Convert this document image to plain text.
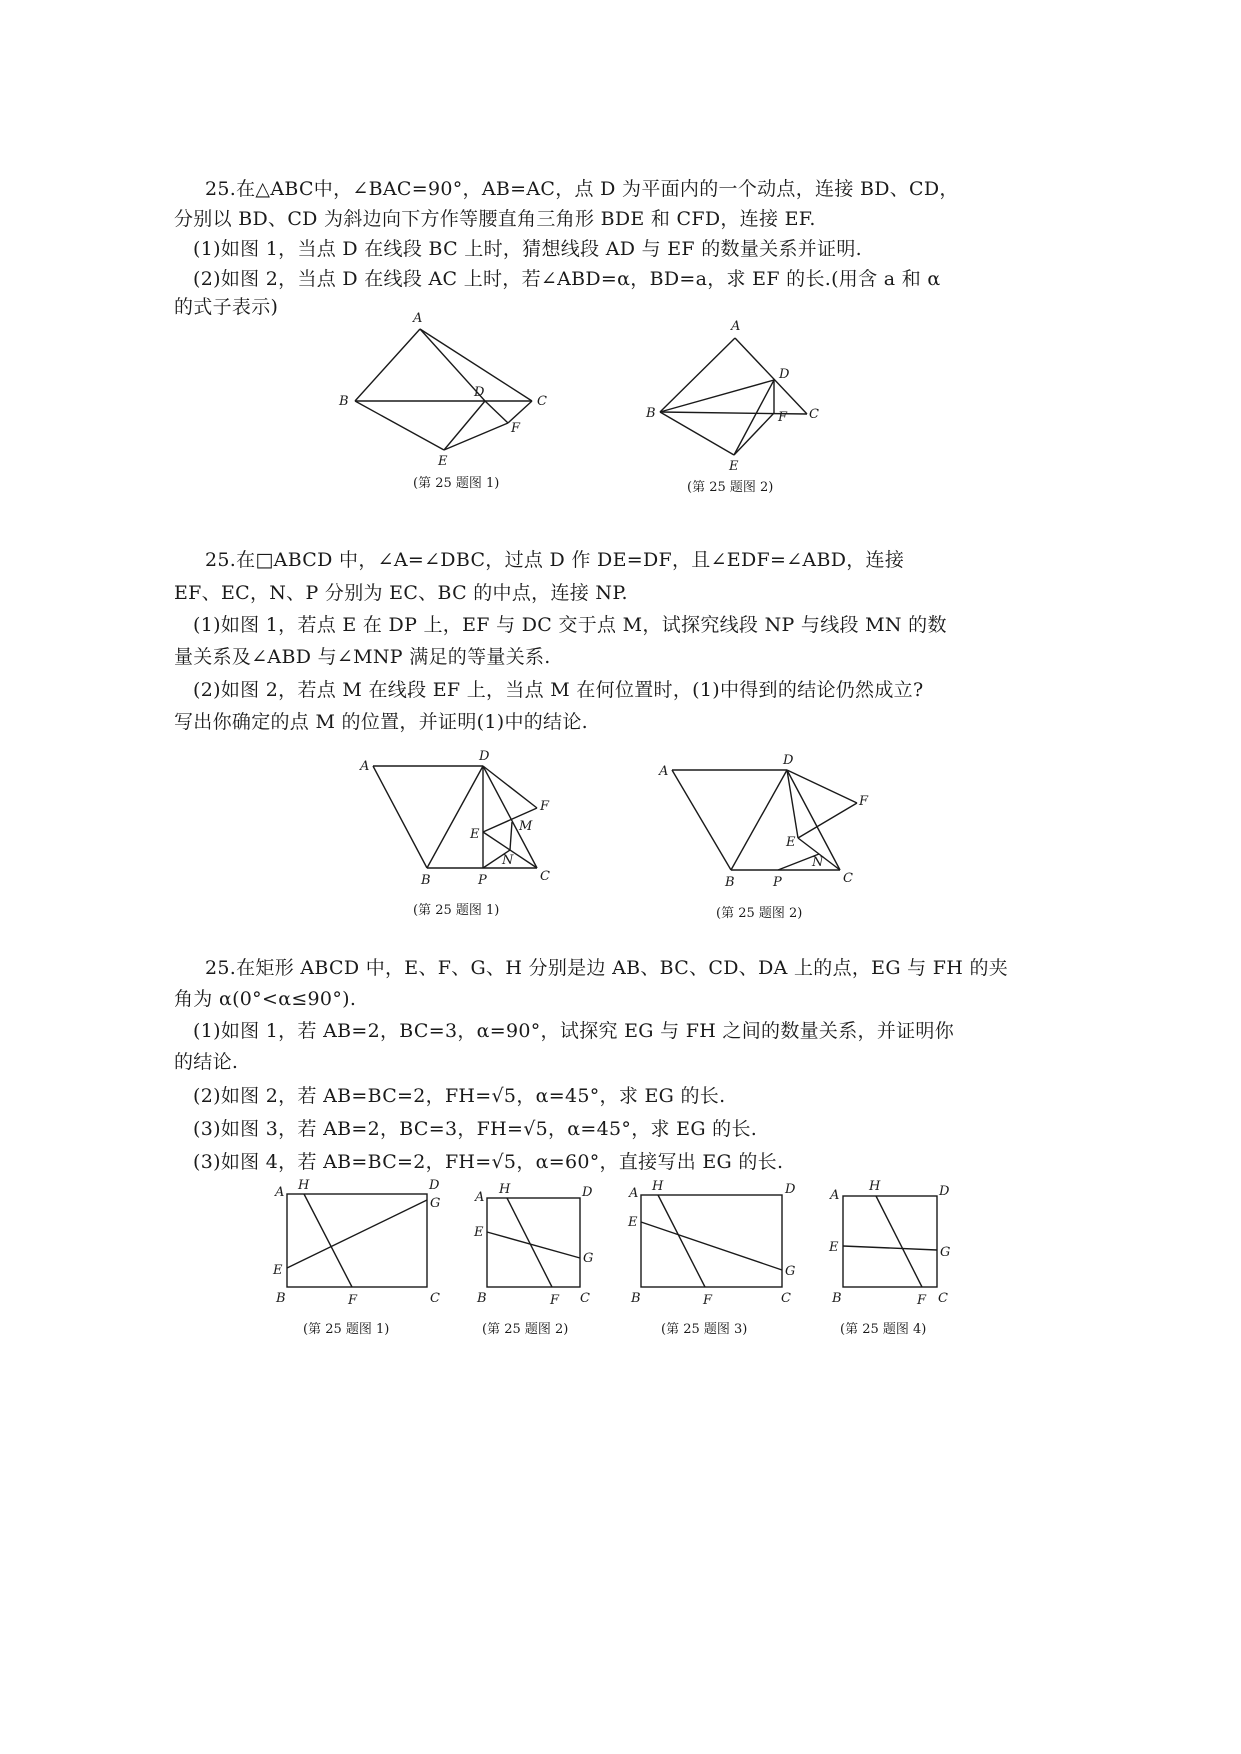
25.在△ABC中，∠BAC=90°，AB=AC，点 D 为平面内的一个动点，连接 BD、CD，
分别以 BD、CD 为斜边向下方作等腰直角三角形 BDE 和 CFD，连接 EF.
(1)如图 1，当点 D 在线段 BC 上时，猜想线段 AD 与 EF 的数量关系并证明.
(2)如图 2，当点 D 在线段 AC 上时，若∠ABD=α，BD=a，求 EF 的长.(用含 a 和 α
的式子表示)
A
B	C
D
E
F
A
B	C
D
E
F
(第 25 题图 1)	(第 25 题图 2)
25.在□ABCD 中，∠A=∠DBC，过点 D 作 DE=DF，且∠EDF=∠ABD，连接
EF、EC，N、P 分别为 EC、BC 的中点，连接 NP.
(1)如图 1，若点 E 在 DP 上，EF 与 DC 交于点 M，试探究线段 NP 与线段 MN 的数
量关系及∠ABD 与∠MNP 满足的等量关系.
(2)如图 2，若点 M 在线段 EF 上，当点 M 在何位置时，(1)中得到的结论仍然成立?
写出你确定的点 M 的位置，并证明(1)中的结论.
A
D
F
M
E
N
B	P	C
A
D
F
E
N
B	P	C
(第 25 题图 1)	(第 25 题图 2)
25.在矩形 ABCD 中，E、F、G、H 分别是边 AB、BC、CD、DA 上的点，EG 与 FH 的夹
角为 α(0°<α≤90°).
(1)如图 1，若 AB=2，BC=3，α=90°，试探究 EG 与 FH 之间的数量关系，并证明你
的结论.
(2)如图 2，若 AB=BC=2，FH=√5，α=45°，求 EG 的长.
(3)如图 3，若 AB=2，BC=3，FH=√5，α=45°，求 EG 的长.
(3)如图 4，若 AB=BC=2，FH=√5，α=60°，直接写出 EG 的长.
A H	D
G
E
B	F	C
A
H	D
E
G
B	F C
A H	D
E
G
B	F	C
A
H	D
E	G
B	F C
(第 25 题图 1)	(第 25 题图 2)	(第 25 题图 3)	(第 25 题图 4)
